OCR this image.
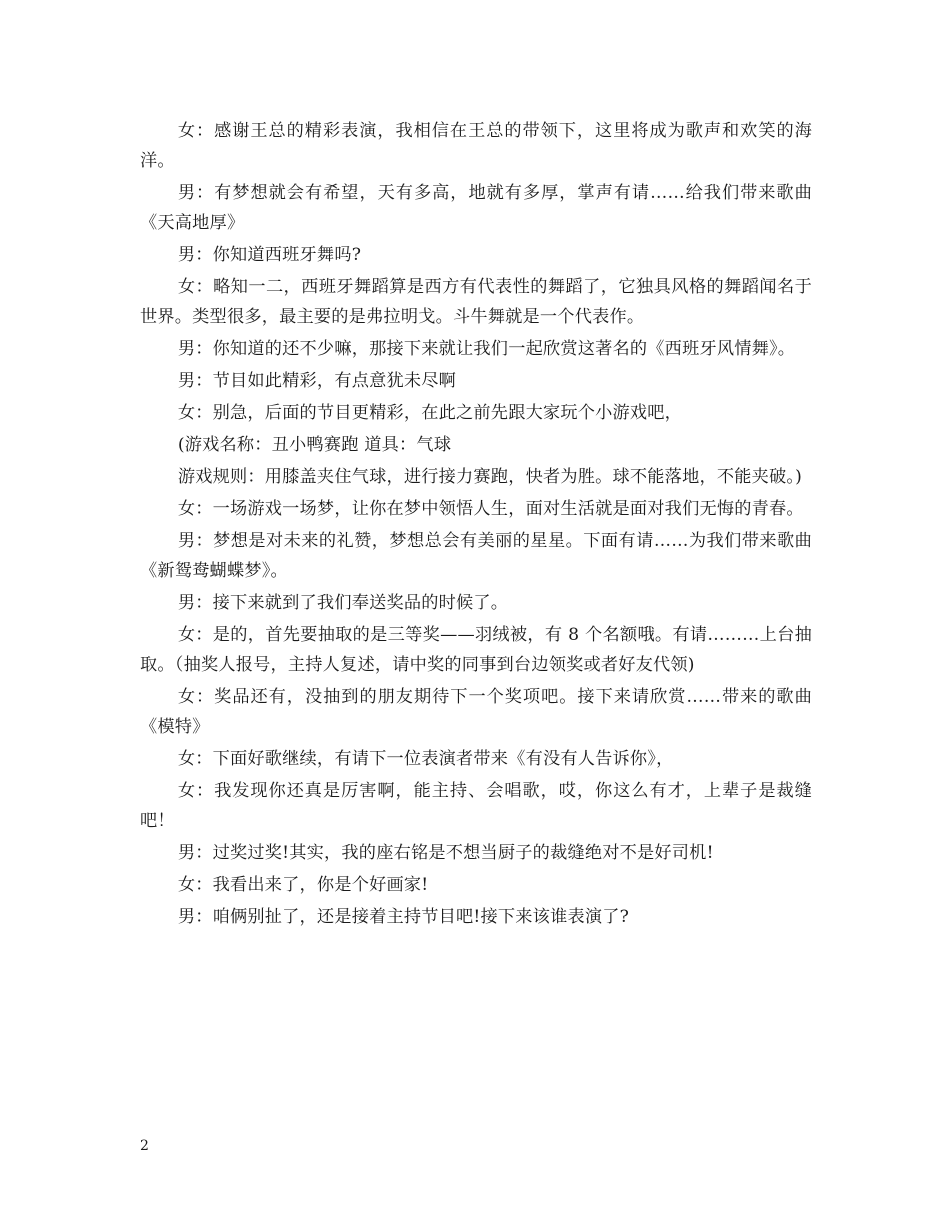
女：感谢王总的精彩表演，我相信在王总的带领下，这里将成为歌声和欢笑的海洋。

男：有梦想就会有希望，天有多高，地就有多厚，掌声有请……给我们带来歌曲《天高地厚》

男：你知道西班牙舞吗?

女：略知一二，西班牙舞蹈算是西方有代表性的舞蹈了，它独具风格的舞蹈闻名于世界。类型很多，最主要的是弗拉明戈。斗牛舞就是一个代表作。

男：你知道的还不少嘛，那接下来就让我们一起欣赏这著名的《西班牙风情舞》。

男：节目如此精彩，有点意犹未尽啊

女：别急，后面的节目更精彩，在此之前先跟大家玩个小游戏吧，

(游戏名称：丑小鸭赛跑 道具：气球

游戏规则：用膝盖夹住气球，进行接力赛跑，快者为胜。球不能落地，不能夹破。)

女：一场游戏一场梦，让你在梦中领悟人生，面对生活就是面对我们无悔的青春。

男：梦想是对未来的礼赞，梦想总会有美丽的星星。下面有请……为我们带来歌曲《新鸳鸯蝴蝶梦》。

男：接下来就到了我们奉送奖品的时候了。

女：是的，首先要抽取的是三等奖——羽绒被，有 8 个名额哦。有请………上台抽取。（抽奖人报号，主持人复述，请中奖的同事到台边领奖或者好友代领)

女：奖品还有，没抽到的朋友期待下一个奖项吧。接下来请欣赏……带来的歌曲《模特》

女：下面好歌继续，有请下一位表演者带来《有没有人告诉你》，

女：我发现你还真是厉害啊，能主持、会唱歌，哎，你这么有才，上辈子是裁缝吧！

男：过奖过奖!其实，我的座右铭是不想当厨子的裁缝绝对不是好司机!

女：我看出来了，你是个好画家!

男：咱俩别扯了，还是接着主持节目吧!接下来该谁表演了?

2
